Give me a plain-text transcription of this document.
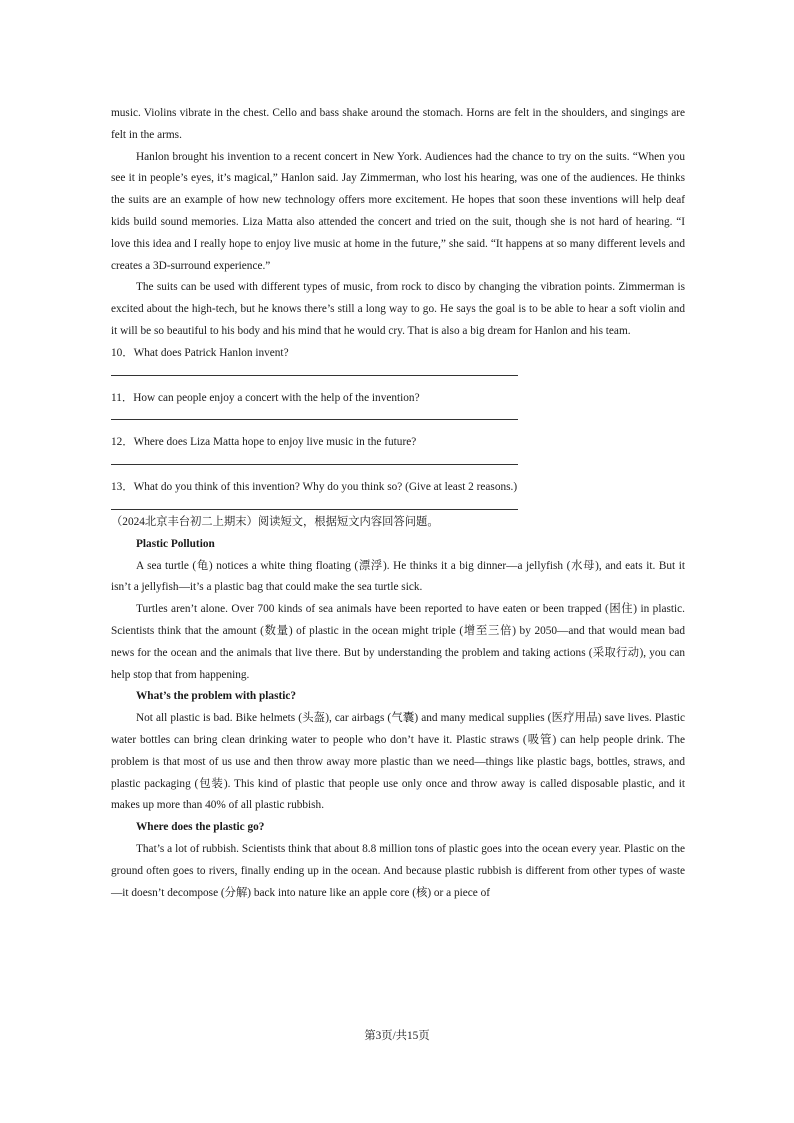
music. Violins vibrate in the chest. Cello and bass shake around the stomach. Horns are felt in the shoulders, and singings are felt in the arms.

Hanlon brought his invention to a recent concert in New York. Audiences had the chance to try on the suits. “When you see it in people’s eyes, it’s magical,” Hanlon said. Jay Zimmerman, who lost his hearing, was one of the audiences. He thinks the suits are an example of how new technology offers more excitement. He hopes that soon these inventions will help deaf kids build sound memories. Liza Matta also attended the concert and tried on the suit, though she is not hard of hearing. “I love this idea and I really hope to enjoy live music at home in the future,” she said. “It happens at so many different levels and creates a 3D-surround experience.”

The suits can be used with different types of music, from rock to disco by changing the vibration points. Zimmerman is excited about the high-tech, but he knows there’s still a long way to go. He says the goal is to be able to hear a soft violin and it will be so beautiful to his body and his mind that he would cry. That is also a big dream for Hanlon and his team.

10．What does Patrick Hanlon invent?

11．How can people enjoy a concert with the help of the invention?

12．Where does Liza Matta hope to enjoy live music in the future?

13．What do you think of this invention? Why do you think so? (Give at least 2 reasons.)

（2024北京丰台初二上期末）阅读短文，根据短文内容回答问题。

Plastic Pollution

A sea turtle (龟) notices a white thing floating (漂浮). He thinks it a big dinner—a jellyfish (水母), and eats it. But it isn’t a jellyfish—it’s a plastic bag that could make the sea turtle sick.

Turtles aren’t alone. Over 700 kinds of sea animals have been reported to have eaten or been trapped (困住) in plastic. Scientists think that the amount (数量) of plastic in the ocean might triple (增至三倍) by 2050—and that would mean bad news for the ocean and the animals that live there. But by understanding the problem and taking actions (采取行动), you can help stop that from happening.

What’s the problem with plastic?

Not all plastic is bad. Bike helmets (头盔), car airbags (气囊) and many medical supplies (医疗用品) save lives. Plastic water bottles can bring clean drinking water to people who don’t have it. Plastic straws (吸管) can help people drink. The problem is that most of us use and then throw away more plastic than we need—things like plastic bags, bottles, straws, and plastic packaging (包装). This kind of plastic that people use only once and throw away is called disposable plastic, and it makes up more than 40% of all plastic rubbish.

Where does the plastic go?

That’s a lot of rubbish. Scientists think that about 8.8 million tons of plastic goes into the ocean every year. Plastic on the ground often goes to rivers, finally ending up in the ocean. And because plastic rubbish is different from other types of waste—it doesn’t decompose (分解) back into nature like an apple core (核) or a piece of

第3页/共15页
